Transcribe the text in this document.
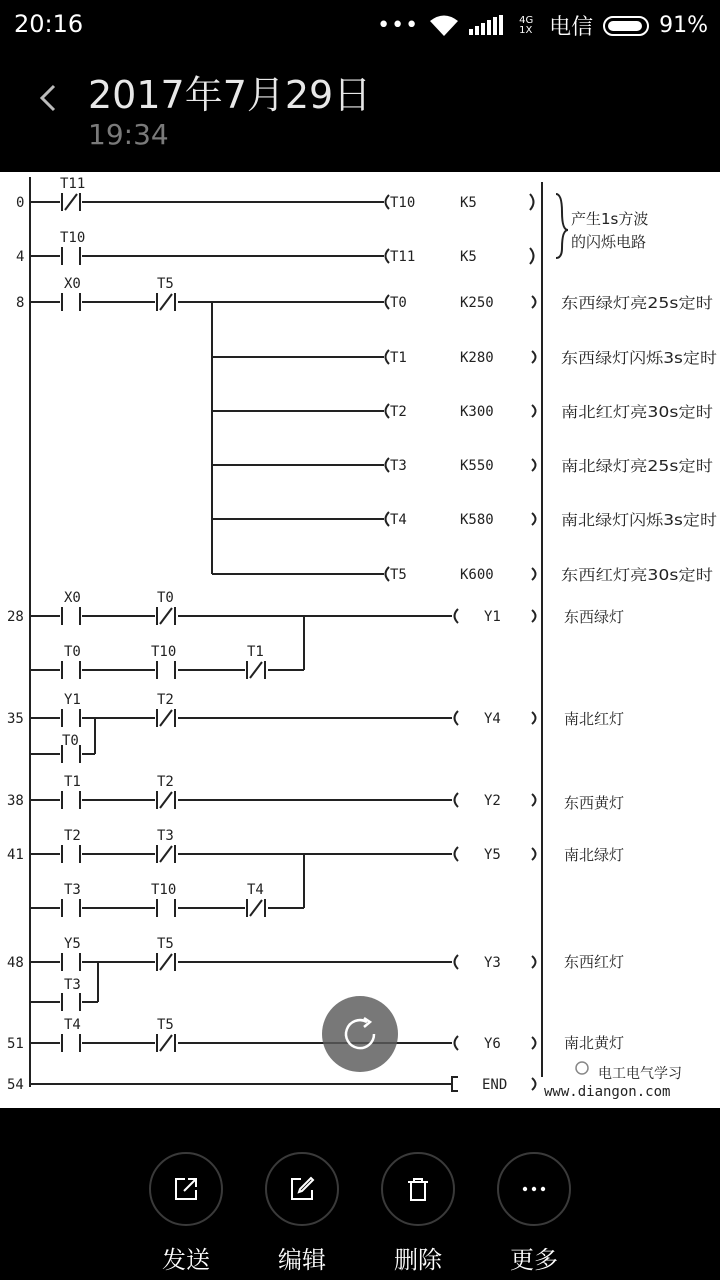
20:16	•••	4G 1X 电信	91%
2017年7月29日
19:34
0
4
8
28
35
38
41
48
51
54
T11
T10
X0	T5
X0	T0
T0	T10	T1
Y1	T2
T0
T1	T2
T2	T3
T3	T10	T4
Y5	T5
T3
T4	T5
T10
T11
T0
T1
T2
T3
T4
T5
Y1
Y4
Y2
Y5
Y3
Y6
END
K5
K5
K250
K280
K300
K550
K580
K600
产生1s方波
的闪烁电路
东西绿灯亮25s定时
东西绿灯闪烁3s定时
南北红灯亮30s定时
南北绿灯亮25s定时
南北绿灯闪烁3s定时
东西红灯亮30s定时
东西绿灯
南北红灯
东西黄灯
南北绿灯
东西红灯
南北黄灯
电工电气学习
www.diangon.com
发送	编辑	删除	更多
